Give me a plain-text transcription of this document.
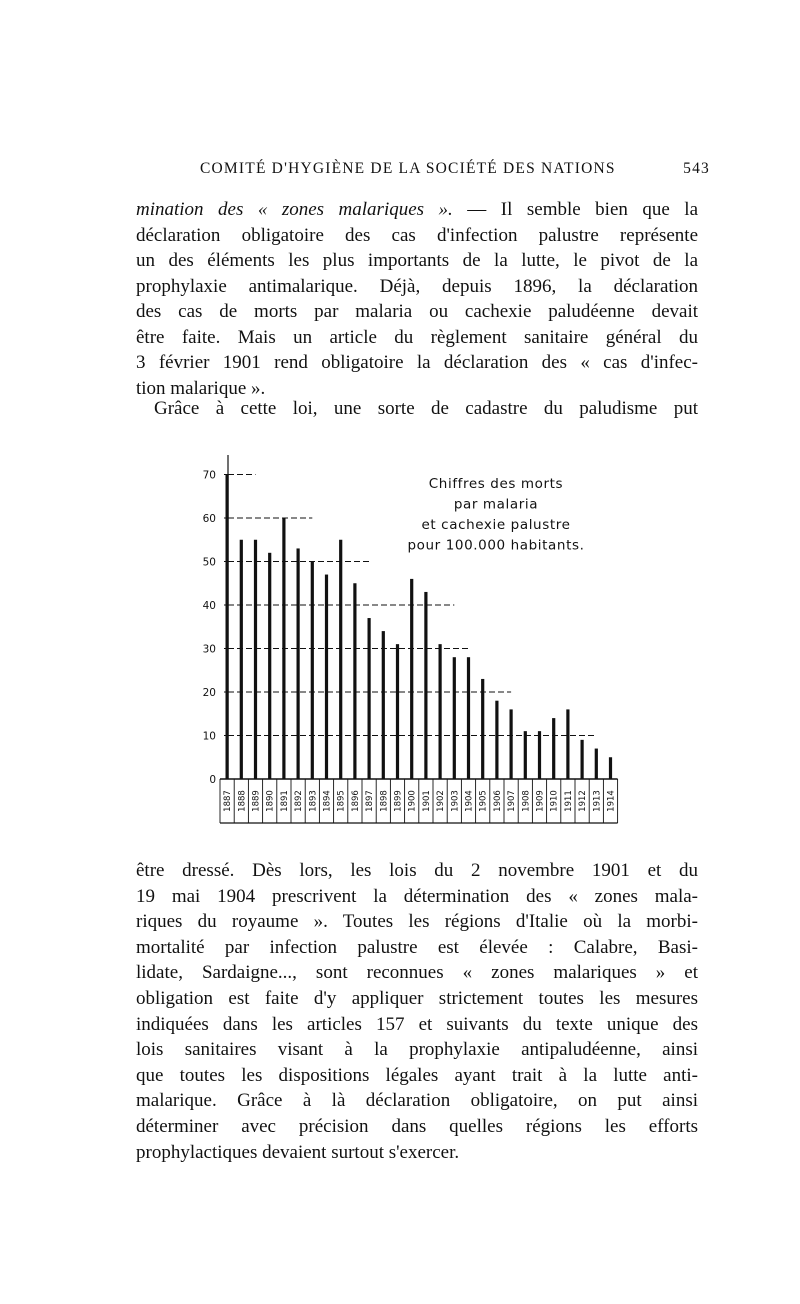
COMITÉ D'HYGIÈNE DE LA SOCIÉTÉ DES NATIONS	543
mination des « zones malariques ». — Il semble bien que la
déclaration obligatoire des cas d'infection palustre représente
un des éléments les plus importants de la lutte, le pivot de la
prophylaxie antimalarique. Déjà, depuis 1896, la déclaration
des cas de morts par malaria ou cachexie paludéenne devait
être faite. Mais un article du règlement sanitaire général du
3 février 1901 rend obligatoire la déclaration des « cas d'infec-
tion malarique ».
Grâce à cette loi, une sorte de cadastre du paludisme put
0
10
20
30
40
50
60
70
1887 1888 1889 1890 1891 1892 1893 1894 1895 1896 1897 1898 1899 1900 1901 1902 1903 1904 1905 1906 1907 1908 1909 1910 1911 1912 1913 1914
Chiffres des morts
par malaria
et cachexie palustre
pour 100.000 habitants.
être dressé. Dès lors, les lois du 2 novembre 1901 et du
19 mai 1904 prescrivent la détermination des « zones mala-
riques du royaume ». Toutes les régions d'Italie où la morbi-
mortalité par infection palustre est élevée : Calabre, Basi-
lidate, Sardaigne..., sont reconnues « zones malariques » et
obligation est faite d'y appliquer strictement toutes les mesures
indiquées dans les articles 157 et suivants du texte unique des
lois sanitaires visant à la prophylaxie antipaludéenne, ainsi
que toutes les dispositions légales ayant trait à la lutte anti-
malarique. Grâce à là déclaration obligatoire, on put ainsi
déterminer avec précision dans quelles régions les efforts
prophylactiques devaient surtout s'exercer.
